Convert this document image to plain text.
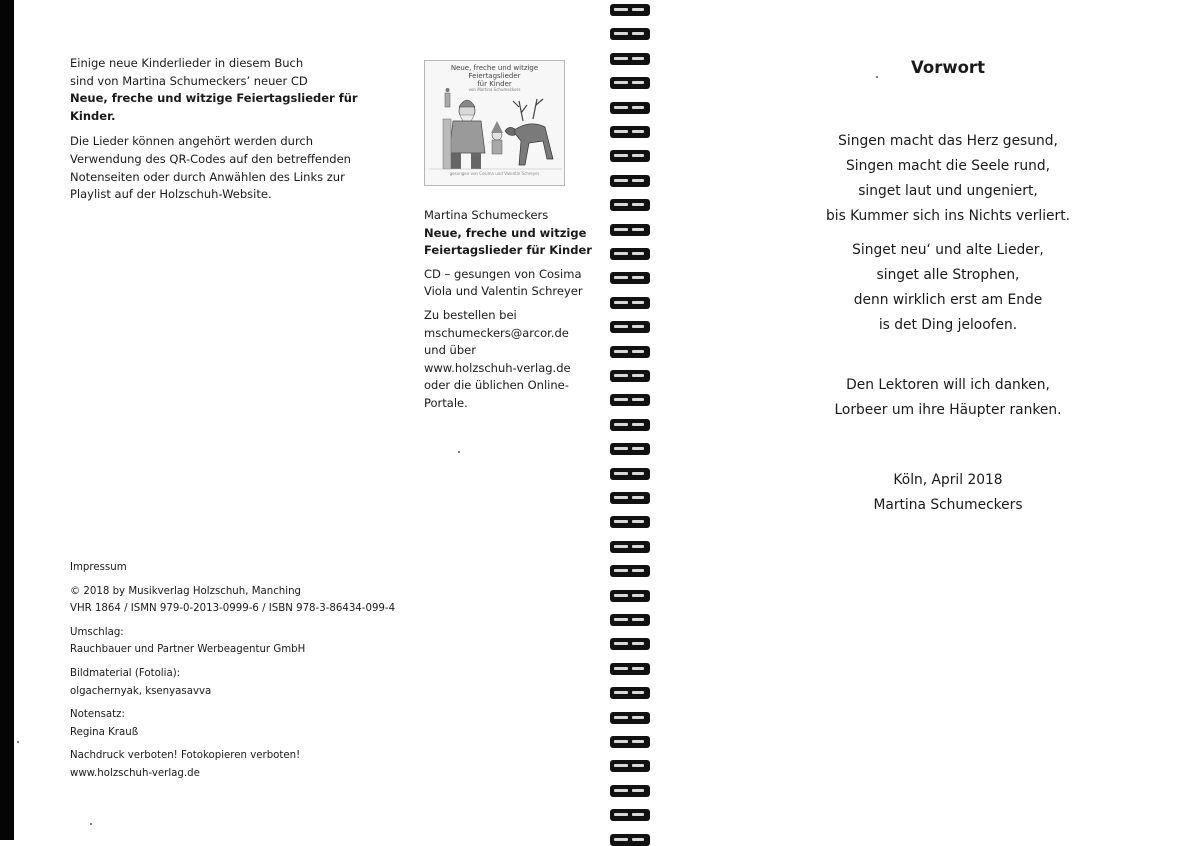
Einige neue Kinderlieder in diesem Buch
sind von Martina Schumeckers’ neuer CD
Neue, freche und witzige Feiertagslieder für Kinder.

Die Lieder können angehört werden durch
Verwendung des QR-Codes auf den betreffenden
Notenseiten oder durch Anwählen des Links zur
Playlist auf der Holzschuh-Website.

Neue, freche und witzige Feiertagslieder
für Kinder
von Martina Schumeckers
gesungen von Cosima und Valentin Schreyer

Martina Schumeckers
Neue, freche und witzige
Feiertagslieder für Kinder

CD – gesungen von Cosima
Viola und Valentin Schreyer

Zu bestellen bei
mschumeckers@arcor.de
und über
www.holzschuh-verlag.de
oder die üblichen Online-
Portale.

Impressum
© 2018 by Musikverlag Holzschuh, Manching
VHR 1864 / ISMN 979-0-2013-0999-6 / ISBN 978-3-86434-099-4
Umschlag:
Rauchbauer und Partner Werbeagentur GmbH
Bildmaterial (Fotolia):
olgachernyak, ksenyasavva
Notensatz:
Regina Krauß
Nachdruck verboten! Fotokopieren verboten!
www.holzschuh-verlag.de
Vorwort
Singen macht das Herz gesund,
Singen macht die Seele rund,
singet laut und ungeniert,
bis Kummer sich ins Nichts verliert.
Singet neu‘ und alte Lieder,
singet alle Strophen,
denn wirklich erst am Ende
is det Ding jeloofen.
Den Lektoren will ich danken,
Lorbeer um ihre Häupter ranken.
Köln, April 2018
Martina Schumeckers
